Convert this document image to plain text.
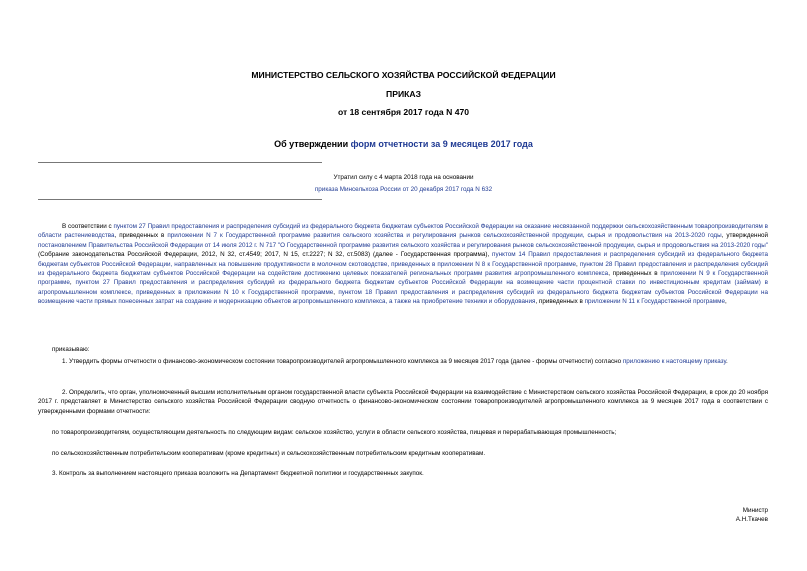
МИНИСТЕРСТВО СЕЛЬСКОГО ХОЗЯЙСТВА РОССИЙСКОЙ ФЕДЕРАЦИИ
ПРИКАЗ
от 18 сентября 2017 года N 470
Об утверждении форм отчетности за 9 месяцев 2017 года
Утратил силу с 4 марта 2018 года на основании
приказа Минсельхоза России от 20 декабря 2017 года N 632
В соответствии с пунктом 27 Правил предоставления и распределения субсидий из федерального бюджета бюджетам субъектов Российской Федерации на оказание несвязанной поддержки сельскохозяйственным товаропроизводителям в области растениеводства, приведенных в приложении N 7 к Государственной программе развития сельского хозяйства и регулирования рынков сельскохозяйственной продукции, сырья и продовольствия на 2013-2020 годы, утвержденной постановлением Правительства Российской Федерации от 14 июля 2012 г. N 717 "О Государственной программе развития сельского хозяйства и регулирования рынков сельскохозяйственной продукции, сырья и продовольствия на 2013-2020 годы" (Собрание законодательства Российской Федерации, 2012, N 32, ст.4549; 2017, N 15, ст.2227; N 32, ст.5083) (далее - Государственная программа), пунктом 14 Правил предоставления и распределения субсидий из федерального бюджета бюджетам субъектов Российской Федерации, направленных на повышение продуктивности в молочном скотоводстве, приведенных в приложении N 8 к Государственной программе, пунктом 28 Правил предоставления и распределения субсидий из федерального бюджета бюджетам субъектов Российской Федерации на содействие достижению целевых показателей региональных программ развития агропромышленного комплекса, приведенных в приложении N 9 к Государственной программе, пунктом 27 Правил предоставления и распределения субсидий из федерального бюджета бюджетам субъектов Российской Федерации на возмещение части процентной ставки по инвестиционным кредитам (займам) в агропромышленном комплексе, приведенных в приложении N 10 к Государственной программе, пунктом 18 Правил предоставления и распределения субсидий из федерального бюджета бюджетам субъектов Российской Федерации на возмещение части прямых понесенных затрат на создание и модернизацию объектов агропромышленного комплекса, а также на приобретение техники и оборудования, приведенных в приложении N 11 к Государственной программе,
приказываю:
1. Утвердить формы отчетности о финансово-экономическом состоянии товаропроизводителей агропромышленного комплекса за 9 месяцев 2017 года (далее - формы отчетности) согласно приложению к настоящему приказу.
2. Определить, что орган, уполномоченный высшим исполнительным органом государственной власти субъекта Российской Федерации на взаимодействие с Министерством сельского хозяйства Российской Федерации, в срок до 20 ноября 2017 г. представляет в Министерство сельского хозяйства Российской Федерации сводную отчетность о финансово-экономическом состоянии товаропроизводителей агропромышленного комплекса за 9 месяцев 2017 года в соответствии с утвержденными формами отчетности:
по товаропроизводителям, осуществляющим деятельность по следующим видам: сельское хозяйство, услуги в области сельского хозяйства, пищевая и перерабатывающая промышленность;
по сельскохозяйственным потребительским кооперативам (кроме кредитных) и сельскохозяйственным потребительским кредитным кооперативам.
3. Контроль за выполнением настоящего приказа возложить на Департамент бюджетной политики и государственных закупок.
Министр
А.Н.Ткачев
